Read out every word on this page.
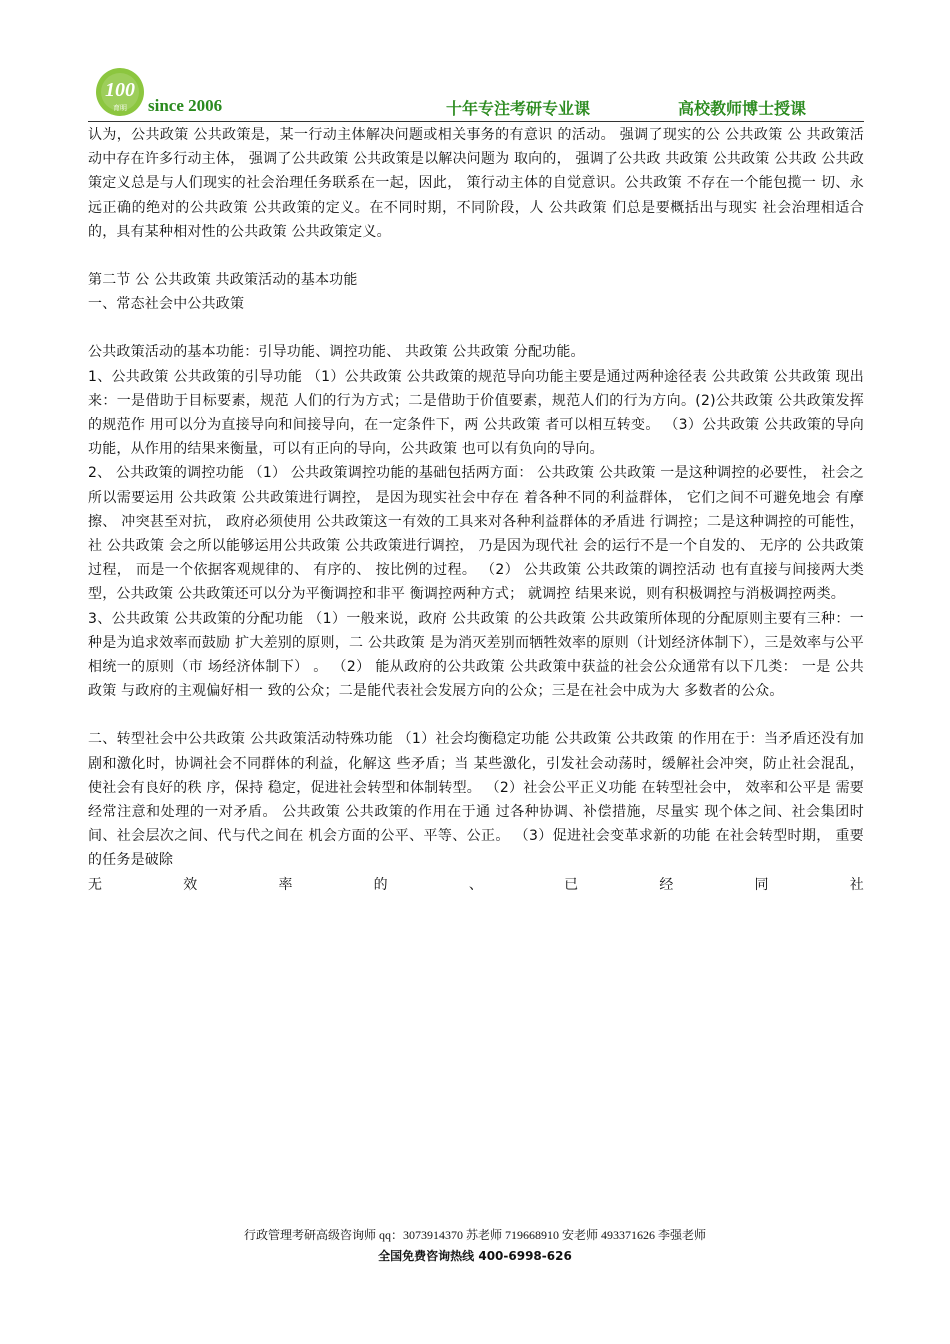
100
育明 since 2006	十年专注考研专业课	高校教师博士授课

认为，公共政策 公共政策是，某一行动主体解决问题或相关事务的有意识 的活动。 强调了现实的公 公共政策 公 共政策活动中存在许多行动主体， 强调了公共政策 公共政策是以解决问题为 取向的， 强调了公共政 共政策 公共政策 公共政 公共政策定义总是与人们现实的社会治理任务联系在一起，因此， 策行动主体的自觉意识。公共政策 不存在一个能包揽一 切、永远正确的绝对的公共政策 公共政策的定义。在不同时期，不同阶段，人 公共政策 们总是要概括出与现实 社会治理相适合的，具有某种相对性的公共政策 公共政策定义。

第二节 公 公共政策 共政策活动的基本功能

一、常态社会中公共政策

公共政策活动的基本功能：引导功能、调控功能、 共政策 公共政策 分配功能。

1、公共政策 公共政策的引导功能 （1）公共政策 公共政策的规范导向功能主要是通过两种途径表 公共政策 公共政策 现出来：一是借助于目标要素，规范 人们的行为方式；二是借助于价值要素，规范人们的行为方向。(2)公共政策 公共政策发挥的规范作 用可以分为直接导向和间接导向，在一定条件下，两 公共政策 者可以相互转变。 （3）公共政策 公共政策的导向 功能，从作用的结果来衡量，可以有正向的导向，公共政策 也可以有负向的导向。

2、 公共政策的调控功能 （1） 公共政策调控功能的基础包括两方面： 公共政策 公共政策 一是这种调控的必要性， 社会之所以需要运用 公共政策 公共政策进行调控， 是因为现实社会中存在 着各种不同的利益群体， 它们之间不可避免地会 有摩擦、 冲突甚至对抗， 政府必须使用 公共政策这一有效的工具来对各种利益群体的矛盾进 行调控；二是这种调控的可能性，社 公共政策 会之所以能够运用公共政策 公共政策进行调控， 乃是因为现代社 会的运行不是一个自发的、 无序的 公共政策 过程， 而是一个依据客观规律的、 有序的、 按比例的过程。 （2） 公共政策 公共政策的调控活动 也有直接与间接两大类型，公共政策 公共政策还可以分为平衡调控和非平 衡调控两种方式； 就调控 结果来说，则有积极调控与消极调控两类。

3、公共政策 公共政策的分配功能 （1）一般来说，政府 公共政策 的公共政策 公共政策所体现的分配原则主要有三种：一种是为追求效率而鼓励 扩大差别的原则，二 公共政策 是为消灭差别而牺牲效率的原则（计划经济体制下），三是效率与公平 相统一的原则（市 场经济体制下） 。 （2） 能从政府的公共政策 公共政策中获益的社会公众通常有以下几类： 一是 公共政策 与政府的主观偏好相一 致的公众；二是能代表社会发展方向的公众；三是在社会中成为大 多数者的公众。

二、转型社会中公共政策 公共政策活动特殊功能 （1）社会均衡稳定功能 公共政策 公共政策 的作用在于：当矛盾还没有加剧和激化时，协调社会不同群体的利益，化解这 些矛盾；当 某些激化，引发社会动荡时，缓解社会冲突，防止社会混乱，使社会有良好的秩 序，保持 稳定，促进社会转型和体制转型。 （2）社会公平正义功能 在转型社会中， 效率和公平是 需要经常注意和处理的一对矛盾。 公共政策 公共政策的作用在于通 过各种协调、补偿措施，尽量实 现个体之间、社会集团时间、社会层次之间、代与代之间在 机会方面的公平、平等、公正。 （3）促进社会变革求新的功能 在社会转型时期， 重要的任务是破除

无	效	率	的	、	已	经	同	社
行政管理考研高级咨询师 qq：3073914370 苏老师 719668910 安老师 493371626 李强老师
全国免费咨询热线 400-6998-626
